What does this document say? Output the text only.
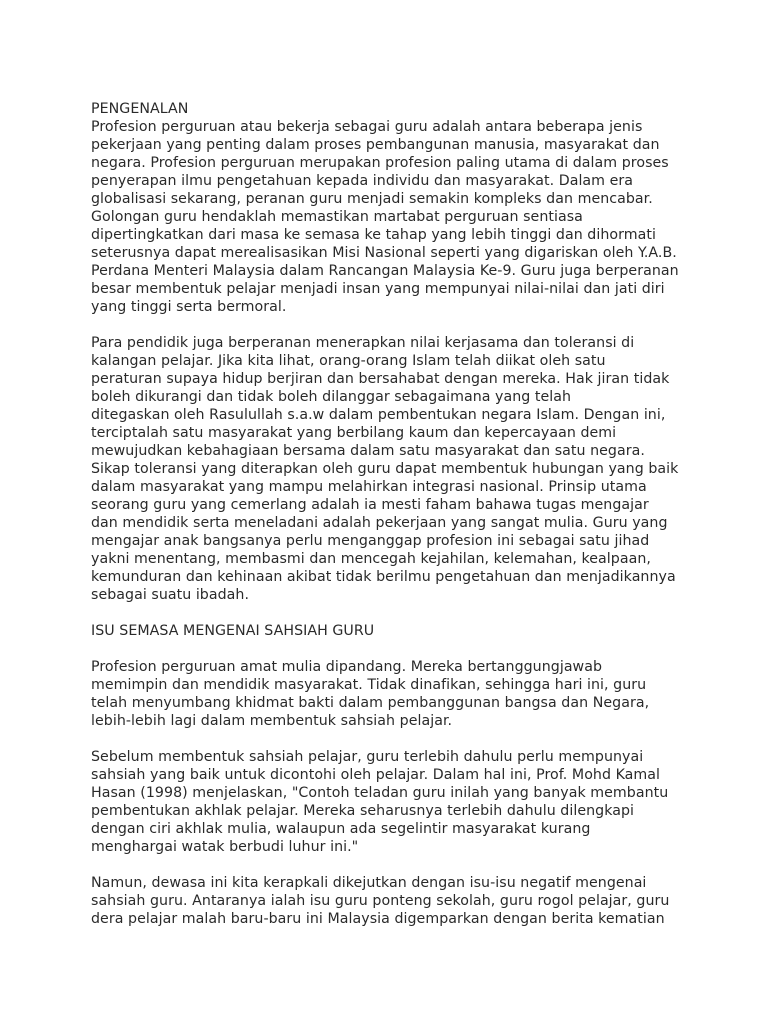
PENGENALAN
Profesion perguruan atau bekerja sebagai guru adalah antara beberapa jenis
pekerjaan yang penting dalam proses pembangunan manusia, masyarakat dan
negara. Profesion perguruan merupakan profesion paling utama di dalam proses
penyerapan ilmu pengetahuan kepada individu dan masyarakat. Dalam era
globalisasi sekarang, peranan guru menjadi semakin kompleks dan mencabar.
Golongan guru hendaklah memastikan martabat perguruan sentiasa
dipertingkatkan dari masa ke semasa ke tahap yang lebih tinggi dan dihormati
seterusnya dapat merealisasikan Misi Nasional seperti yang digariskan oleh Y.A.B.
Perdana Menteri Malaysia dalam Rancangan Malaysia Ke-9. Guru juga berperanan
besar membentuk pelajar menjadi insan yang mempunyai nilai-nilai dan jati diri
yang tinggi serta bermoral.
Para pendidik juga berperanan menerapkan nilai kerjasama dan toleransi di
kalangan pelajar. Jika kita lihat, orang-orang Islam telah diikat oleh satu
peraturan supaya hidup berjiran dan bersahabat dengan mereka. Hak jiran tidak
boleh dikurangi dan tidak boleh dilanggar sebagaimana yang telah
ditegaskan oleh Rasulullah s.a.w dalam pembentukan negara Islam. Dengan ini,
terciptalah satu masyarakat yang berbilang kaum dan kepercayaan demi
mewujudkan kebahagiaan bersama dalam satu masyarakat dan satu negara.
Sikap toleransi yang diterapkan oleh guru dapat membentuk hubungan yang baik
dalam masyarakat yang mampu melahirkan integrasi nasional. Prinsip utama
seorang guru yang cemerlang adalah ia mesti faham bahawa tugas mengajar
dan mendidik serta meneladani adalah pekerjaan yang sangat mulia. Guru yang
mengajar anak bangsanya perlu menganggap profesion ini sebagai satu jihad
yakni menentang, membasmi dan mencegah kejahilan, kelemahan, kealpaan,
kemunduran dan kehinaan akibat tidak berilmu pengetahuan dan menjadikannya
sebagai suatu ibadah.
ISU SEMASA MENGENAI SAHSIAH GURU
Profesion perguruan amat mulia dipandang. Mereka bertanggungjawab
memimpin dan mendidik masyarakat. Tidak dinafikan, sehingga hari ini, guru
telah menyumbang khidmat bakti dalam pembanggunan bangsa dan Negara,
lebih-lebih lagi dalam membentuk sahsiah pelajar.
Sebelum membentuk sahsiah pelajar, guru terlebih dahulu perlu mempunyai
sahsiah yang baik untuk dicontohi oleh pelajar. Dalam hal ini, Prof. Mohd Kamal
Hasan (1998) menjelaskan, "Contoh teladan guru inilah yang banyak membantu
pembentukan akhlak pelajar. Mereka seharusnya terlebih dahulu dilengkapi
dengan ciri akhlak mulia, walaupun ada segelintir masyarakat kurang
menghargai watak berbudi luhur ini."
Namun, dewasa ini kita kerapkali dikejutkan dengan isu-isu negatif mengenai
sahsiah guru. Antaranya ialah isu guru ponteng sekolah, guru rogol pelajar, guru
dera pelajar malah baru-baru ini Malaysia digemparkan dengan berita kematian
